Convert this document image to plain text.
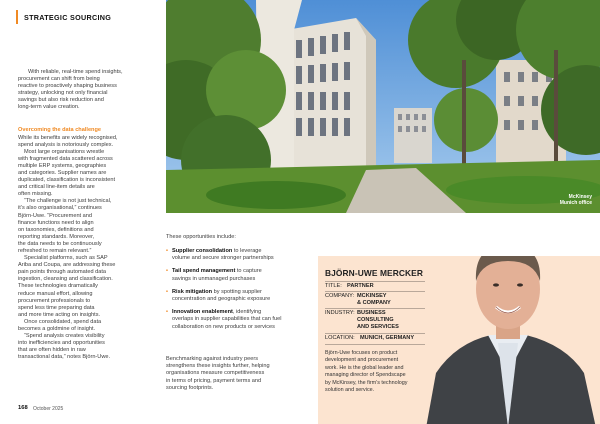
STRATEGIC SOURCING

With reliable, real-time spend insights,

procurement can shift from being

reactive to proactively shaping business

strategy, unlocking not only financial

savings but also risk reduction and

long-term value creation.

Overcoming the data challenge

While its benefits are widely recognised,

spend analysis is notoriously complex.

Most large organisations wrestle

with fragmented data scattered across

multiple ERP systems, geographies

and categories. Supplier names are

duplicated, classification is inconsistent

and critical line-item details are

often missing.

“The challenge is not just technical,

it’s also organisational,” continues

Björn-Uwe. “Procurement and

finance functions need to align

on taxonomies, definitions and

reporting standards. Moreover,

the data needs to be continuously

refreshed to remain relevant.”

Specialist platforms, such as SAP

Ariba and Coupa, are addressing these

pain points through automated data

ingestion, cleansing and classification.

These technologies dramatically

reduce manual effort, allowing

procurement professionals to

spend less time preparing data

and more time acting on insights.

Once consolidated, spend data

becomes a goldmine of insight.

“Spend analysis creates visibility

into inefficiencies and opportunities

that are often hidden in raw

transactional data,” notes Björn-Uwe.

168 October 2025
McKinsey
Munich office
These opportunities include:
• Supplier consolidation to leverage
volume and secure stronger partnerships
• Tail spend management to capture
savings in unmanaged purchases
• Risk mitigation by spotting supplier
concentration and geographic exposure
• Innovation enablement, identifying
overlaps in supplier capabilities that can fuel
collaboration on new products or services
Benchmarking against industry peers
strengthens these insights further, helping
organisations measure competitiveness
in terms of pricing, payment terms and
sourcing footprints.
BJÖRN-UWE MERCKER
TITLE: PARTNER
COMPANY: MCKINSEY
& COMPANY
INDUSTRY: BUSINESS
CONSULTING
AND SERVICES
LOCATION: MUNICH, GERMANY
Björn-Uwe focuses on product
development and procurement
work. He is the global leader and
managing director of Spendscape
by McKinsey, the firm’s technology
solution and service.
